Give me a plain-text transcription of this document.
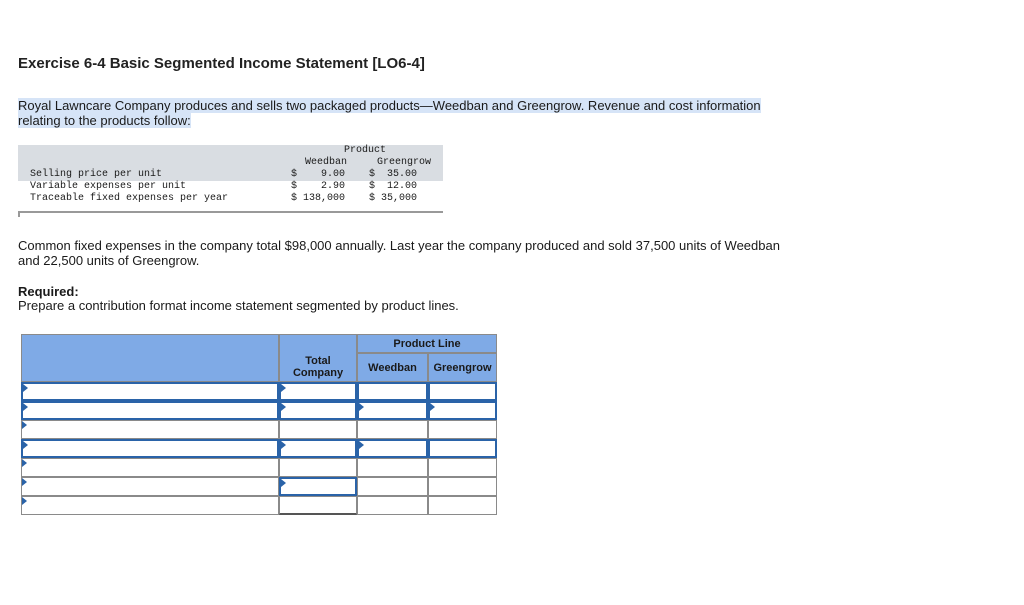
Exercise 6-4 Basic Segmented Income Statement [LO6-4]
Royal Lawncare Company produces and sells two packaged products—Weedban and Greengrow. Revenue and cost information
relating to the products follow:
	Product	
	Weedban	Greengrow
Selling price per unit	$    9.00	$  35.00
Variable expenses per unit	$    2.90	$  12.00
Traceable fixed expenses per year	$ 138,000	$ 35,000
Common fixed expenses in the company total $98,000 annually. Last year the company produced and sold 37,500 units of Weedban
and 22,500 units of Greengrow.
Required:
Prepare a contribution format income statement segmented by product lines.
Total Company
Product Line
Weedban	Greengrow
